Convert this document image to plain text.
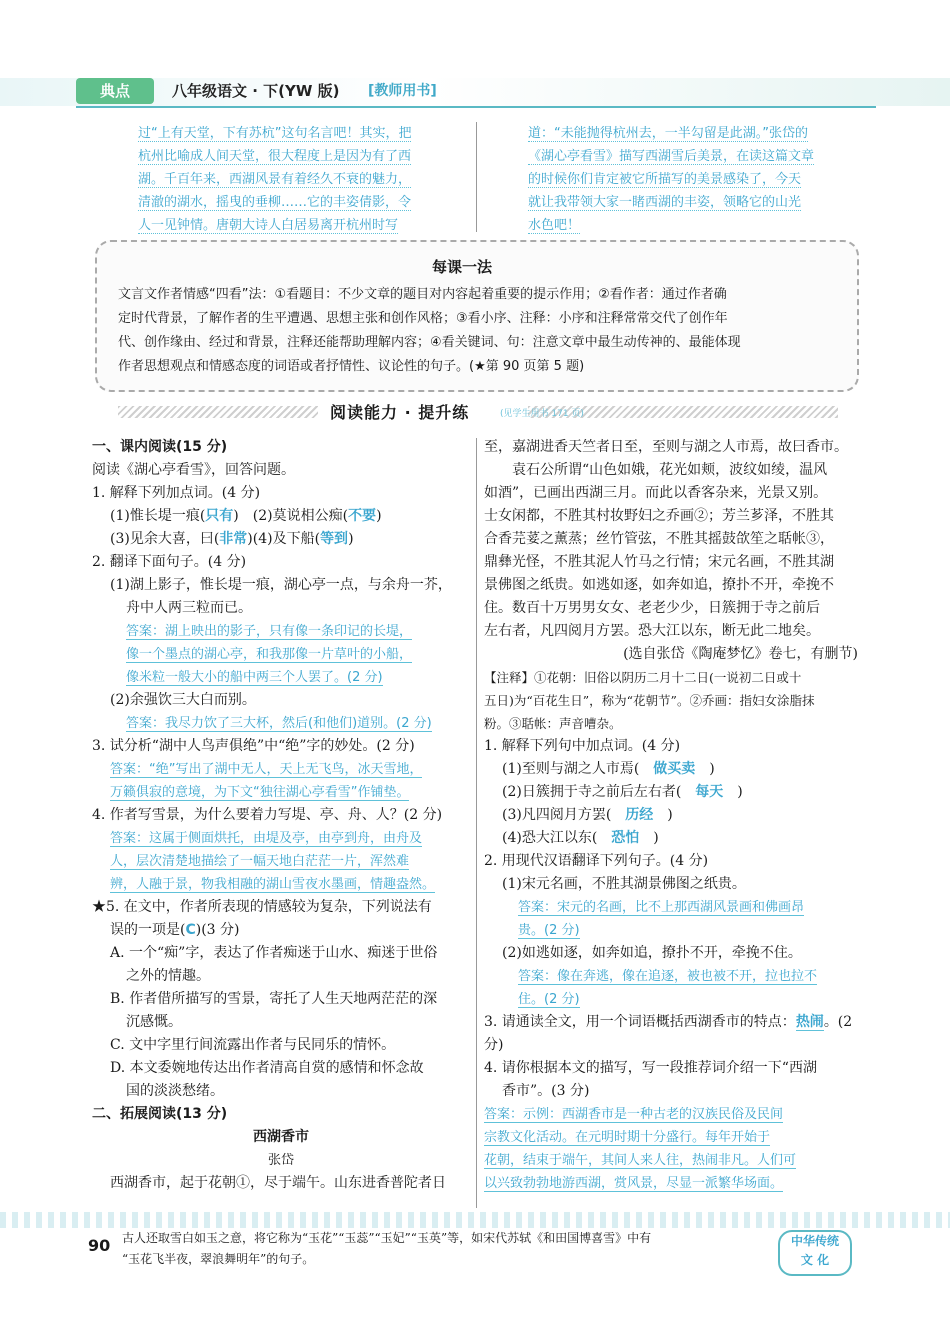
典点	八年级语文 · 下(YW 版) [教师用书]
过“上有天堂，下有苏杭”这句名言吧！其实，把
杭州比喻成人间天堂，很大程度上是因为有了西
湖。千百年来，西湖风景有着经久不衰的魅力，
清澈的湖水，摇曳的垂柳……它的丰姿倩影，令
人一见钟情。唐朝大诗人白居易离开杭州时写
道：“未能抛得杭州去，一半勾留是此湖。”张岱的
《湖心亭看雪》描写西湖雪后美景，在读这篇文章
的时候你们肯定被它所描写的美景感染了，今天
就让我带领大家一睹西湖的丰姿，领略它的山光
水色吧！
每课一法
文言文作者情感“四看”法：①看题目：不少文章的题目对内容起着重要的提示作用；②看作者：通过作者确
定时代背景，了解作者的生平遭遇、思想主张和创作风格；③看小序、注释：小序和注释常常交代了创作年
代、创作缘由、经过和背景，注释还能帮助理解内容；④看关键词、句：注意文章中最生动传神的、最能体现
作者思想观点和情感态度的词语或者抒情性、议论性的句子。(★第 90 页第 5 题)
阅读能力 · 提升练	(见学生用书 171 页)

一、课内阅读(15 分)

阅读《湖心亭看雪》，回答问题。

1. 解释下列加点词。(4 分)

(1)惟长堤一痕(只有)　(2)莫说相公痴(不要)

(3)见余大喜，曰(非常)(4)及下船(等到)

2. 翻译下面句子。(4 分)

(1)湖上影子，惟长堤一痕，湖心亭一点，与余舟一芥，

舟中人两三粒而已。

答案：湖上映出的影子，只有像一条印记的长堤，

像一个墨点的湖心亭，和我那像一片草叶的小船，

像米粒一般大小的船中两三个人罢了。(2 分)

(2)余强饮三大白而别。

答案：我尽力饮了三大杯，然后(和他们)道别。(2 分)

3. 试分析“湖中人鸟声俱绝”中“绝”字的妙处。(2 分)

答案：“绝”写出了湖中无人，天上无飞鸟，冰天雪地，

万籁俱寂的意境，为下文“独往湖心亭看雪”作铺垫。

4. 作者写雪景，为什么要着力写堤、亭、舟、人？(2 分)

答案：这属于侧面烘托，由堤及亭，由亭到舟，由舟及

人，层次清楚地描绘了一幅天地白茫茫一片，浑然难

辨，人融于景，物我相融的湖山雪夜水墨画，情趣盎然。

★5. 在文中，作者所表现的情感较为复杂，下列说法有

误的一项是(C)(3 分)

A. 一个“痴”字，表达了作者痴迷于山水、痴迷于世俗

之外的情趣。

B. 作者借所描写的雪景，寄托了人生天地两茫茫的深

沉感慨。

C. 文中字里行间流露出作者与民同乐的情怀。

D. 本文委婉地传达出作者清高自赏的感情和怀念故

国的淡淡愁绪。

二、拓展阅读(13 分)

西湖香市

张岱

西湖香市，起于花朝①，尽于端午。山东进香普陀者日

至，嘉湖进香天竺者日至，至则与湖之人市焉，故曰香市。

　　袁石公所谓“山色如娥，花光如颊，波纹如绫，温风

如酒”，已画出西湖三月。而此以香客杂来，光景又别。

士女闲都，不胜其村妆野妇之乔画②；芳兰芗泽，不胜其

合香芫荽之薰蒸；丝竹管弦，不胜其摇鼓欱笙之聒帐③，

鼎彝光怪，不胜其泥人竹马之行情；宋元名画，不胜其湖

景佛图之纸贵。如逃如逐，如奔如追，撩扑不开，牵挽不

住。数百十万男男女女、老老少少，日簇拥于寺之前后

左右者，凡四阅月方罢。恐大江以东，断无此二地矣。

(选自张岱《陶庵梦忆》卷七，有删节)

【注释】①花朝：旧俗以阴历二月十二日(一说初二日或十

五日)为“百花生日”，称为“花朝节”。②乔画：指妇女涂脂抹

粉。③聒帐：声音嘈杂。

1. 解释下列句中加点词。(4 分)

(1)至则与湖之人市焉(　 做买卖　)

(2)日簇拥于寺之前后左右者(　 每天　)

(3)凡四阅月方罢(　 历经　)

(4)恐大江以东(　 恐怕　)

2. 用现代汉语翻译下列句子。(4 分)

(1)宋元名画，不胜其湖景佛图之纸贵。

答案：宋元的名画，比不上那西湖风景画和佛画昂

贵。(2 分)

(2)如逃如逐，如奔如追，撩扑不开，牵挽不住。

答案：像在奔逃，像在追逐，被也被不开，拉也拉不

住。(2 分)

3. 请通读全文，用一个词语概括西湖香市的特点：热闹。(2 分)

4. 请你根据本文的描写，写一段推荐词介绍一下“西湖

香市”。(3 分)

答案：示例：西湖香市是一种古老的汉族民俗及民间

宗教文化活动。在元明时期十分盛行。每年开始于

花朝，结束于端午，其间人来人往，热闹非凡。人们可

以兴致勃勃地游西湖，赏风景，尽显一派繁华场面。

90 古人还取雪白如玉之意，将它称为“玉花”“玉蕊”“玉妃”“玉英”等，如宋代苏轼《和田国博喜雪》中有
“玉花飞半夜，翠浪舞明年”的句子。
中华传统
文 化
